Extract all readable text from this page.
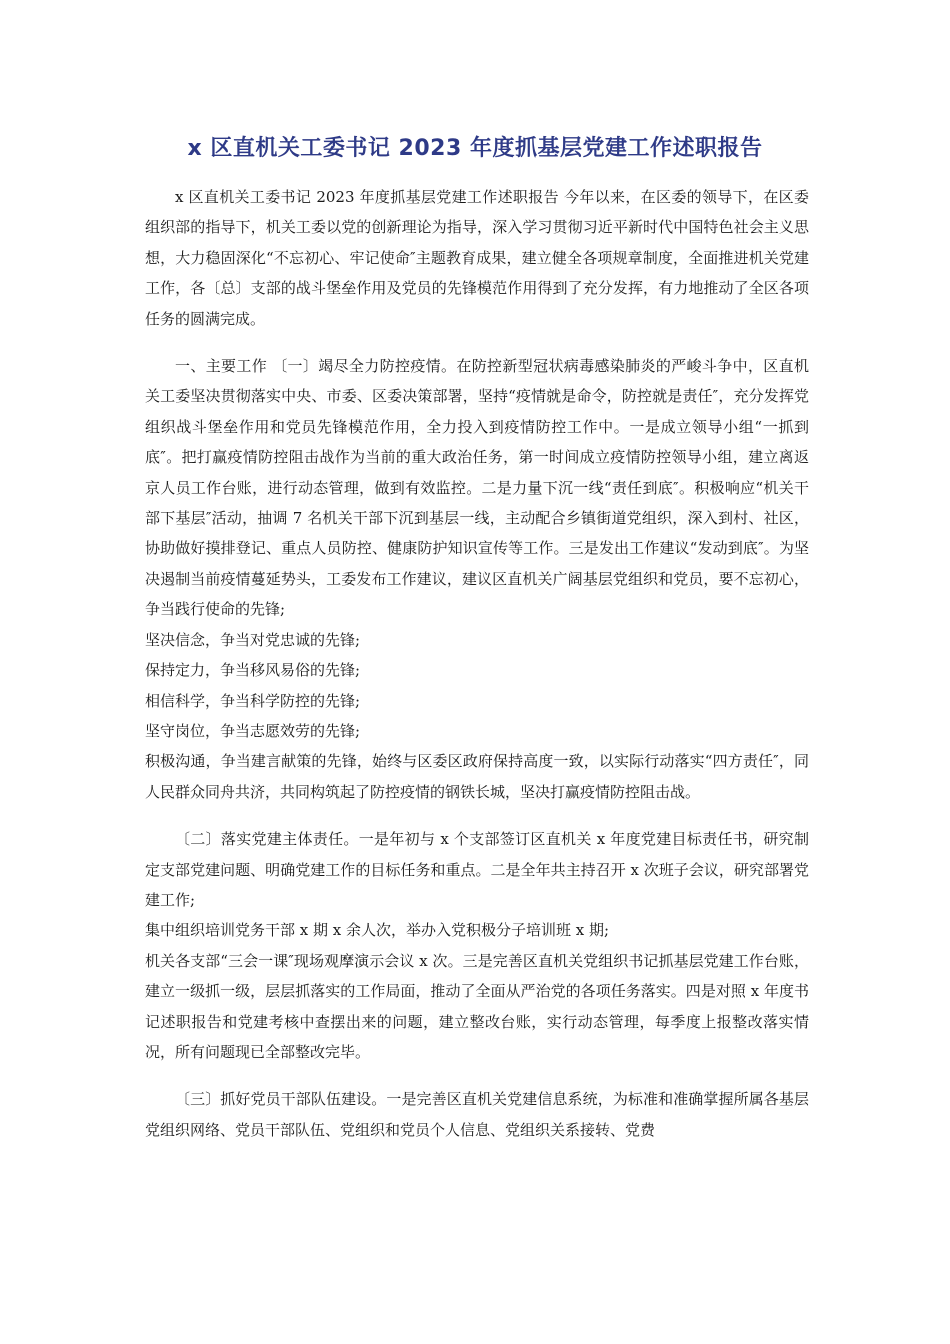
x 区直机关工委书记 2023 年度抓基层党建工作述职报告

x 区直机关工委书记 2023 年度抓基层党建工作述职报告 今年以来，在区委的领导下，在区委组织部的指导下，机关工委以党的创新理论为指导，深入学习贯彻习近平新时代中国特色社会主义思想，大力稳固深化“不忘初心、牢记使命″主题教育成果，建立健全各项规章制度，全面推进机关党建工作，各〔总〕支部的战斗堡垒作用及党员的先锋模范作用得到了充分发挥，有力地推动了全区各项任务的圆满完成。

一、主要工作 〔一〕竭尽全力防控疫情。在防控新型冠状病毒感染肺炎的严峻斗争中，区直机关工委坚决贯彻落实中央、市委、区委决策部署，坚持“疫情就是命令，防控就是责任″，充分发挥党组织战斗堡垒作用和党员先锋模范作用，全力投入到疫情防控工作中。一是成立领导小组“一抓到底″。把打赢疫情防控阻击战作为当前的重大政治任务，第一时间成立疫情防控领导小组，建立离返京人员工作台账，进行动态管理，做到有效监控。二是力量下沉一线“责任到底″。积极响应“机关干部下基层″活动，抽调 7 名机关干部下沉到基层一线，主动配合乡镇街道党组织，深入到村、社区，协助做好摸排登记、重点人员防控、健康防护知识宣传等工作。三是发出工作建议“发动到底″。为坚决遏制当前疫情蔓延势头，工委发布工作建议，建议区直机关广阔基层党组织和党员，要不忘初心，争当践行使命的先锋;

坚决信念，争当对党忠诚的先锋;

保持定力，争当移风易俗的先锋;

相信科学，争当科学防控的先锋;

坚守岗位，争当志愿效劳的先锋;

积极沟通，争当建言献策的先锋，始终与区委区政府保持高度一致，以实际行动落实“四方责任″，同人民群众同舟共济，共同构筑起了防控疫情的钢铁长城，坚决打赢疫情防控阻击战。

〔二〕落实党建主体责任。一是年初与 x 个支部签订区直机关 x 年度党建目标责任书，研究制定支部党建问题、明确党建工作的目标任务和重点。二是全年共主持召开 x 次班子会议，研究部署党建工作;

集中组织培训党务干部 x 期 x 余人次，举办入党积极分子培训班 x 期;

机关各支部“三会一课″现场观摩演示会议 x 次。三是完善区直机关党组织书记抓基层党建工作台账，建立一级抓一级，层层抓落实的工作局面，推动了全面从严治党的各项任务落实。四是对照 x 年度书记述职报告和党建考核中查摆出来的问题，建立整改台账，实行动态管理，每季度上报整改落实情况，所有问题现已全部整改完毕。

〔三〕抓好党员干部队伍建设。一是完善区直机关党建信息系统，为标准和准确掌握所属各基层党组织网络、党员干部队伍、党组织和党员个人信息、党组织关系接转、党费
